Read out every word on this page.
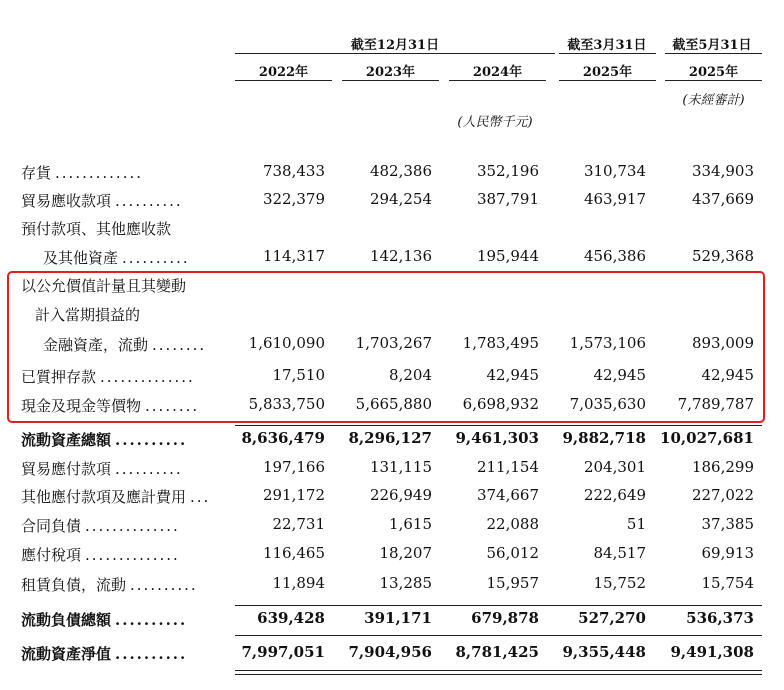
截至12月31日	截至3月31日	截至5月31日
2022年	2023年	2024年	2025年	2025年
(未經審計)
(人民幣千元)
存貨 .............	738,433	482,386	352,196	310,734	334,903
貿易應收款項 ..........	322,379	294,254	387,791	463,917	437,669
預付款項、其他應收款
及其他資產 ..........	114,317	142,136	195,944	456,386	529,368
以公允價值計量且其變動
計入當期損益的
金融資產，流動 ........	1,610,090	1,703,267	1,783,495	1,573,106	893,009
已質押存款 ..............	17,510	8,204	42,945	42,945	42,945
現金及現金等價物 ........	5,833,750	5,665,880	6,698,932	7,035,630	7,789,787
流動資產總額 ..........	8,636,479	8,296,127	9,461,303	9,882,718 10,027,681
貿易應付款項 ..........	197,166	131,115	211,154	204,301	186,299
其他應付款項及應計費用 ...	291,172	226,949	374,667	222,649	227,022
合同負債 ..............	22,731	1,615	22,088	51	37,385
應付稅項 ..............	116,465	18,207	56,012	84,517	69,913
租賃負債，流動 ..........	11,894	13,285	15,957	15,752	15,754
流動負債總額 ..........	639,428	391,171	679,878	527,270	536,373
流動資產淨值 ..........	7,997,051	7,904,956	8,781,425	9,355,448	9,491,308
